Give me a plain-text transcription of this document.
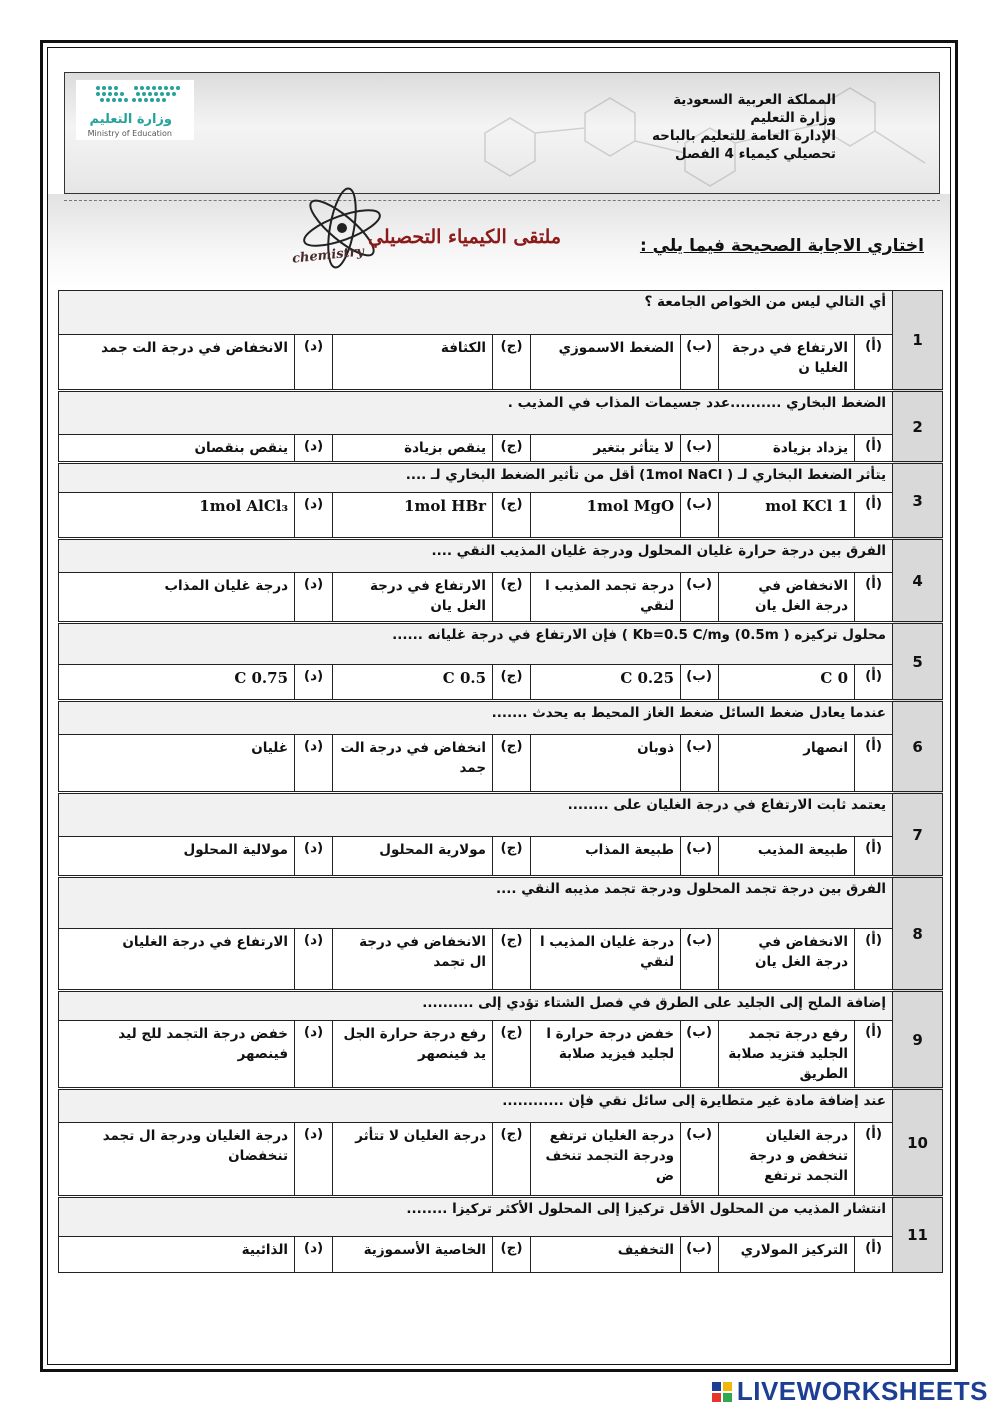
وزارة التعليم
Ministry of Education
المملكة العربية السعودية
وزارة التعليم
الإدارة العامة للتعليم بالباحه
تحصيلي كيمياء 4 الفصل
ملتقى الكيمياء التحصيلي
chemistry	اختاري الاجابة الصحيحة فيما يلي :
1	أي التالي ليس من الخواص الجامعة ؟							
	(أ)	الارتفاع في درجة الغليا ن	(ب)	الضغط الاسموزي	(ج)	الكثافة	(د)	الانخفاض في درجة الت جمد
2	الضغط البخاري ..........عدد جسيمات المذاب في المذيب .							
	(أ)	يزداد بزيادة	(ب)	لا يتأثر بتغير	(ج)	ينقص بزيادة	(د)	ينقص بنقصان
3	يتأثر الضغط البخاري لـ ( 1mol NaCl) أقل من تأثير الضغط البخاري لـ ....							
	(أ)	1 mol KCl	(ب)	1mol MgO	(ج)	1mol HBr	(د)	1mol AlCl₃
4	الفرق بين درجة حرارة غليان المحلول ودرجة غليان المذيب النقي ....							
	(أ)	الانخفاض في درجة الغل يان	(ب)	درجة تجمد المذيب ا لنقي	(ج)	الارتفاع في درجة الغل يان	(د)	درجة غليان المذاب
5	محلول تركيزه ( 0.5m) وKb=0.5 C/m ) فإن الارتفاع في درجة غليانه ......							
	(أ)	0 C	(ب)	0.25 C	(ج)	0.5 C	(د)	0.75 C
6	عندما يعادل ضغط السائل ضغط الغاز المحيط به يحدث .......							
	(أ)	انصهار	(ب)	ذوبان	(ج)	انخفاض في درجة الت جمد	(د)	غليان
7	يعتمد ثابت الارتفاع في درجة الغليان على ........							
	(أ)	طبيعة المذيب	(ب)	طبيعة المذاب	(ج)	مولارية المحلول	(د)	مولالية المحلول
8	الفرق بين درجة تجمد المحلول ودرجة تجمد مذيبه النقي ....							
	(أ)	الانخفاض في درجة الغل يان	(ب)	درجة غليان المذيب ا لنقي	(ج)	الانخفاض في درجة ال تجمد	(د)	الارتفاع في درجة الغليان
9	إضافة الملح إلى الجليد على الطرق في فصل الشتاء تؤدي إلى ..........							
	(أ)	رفع درجة تجمد الجليد فتزيد صلابة الطريق	(ب)	خفض درجة حرارة ا لجليد فيزيد صلابة	(ج)	رفع درجة حرارة الجل يد فينصهر	(د)	خفض درجة التجمد للج ليد فينصهر
10	عند إضافة مادة غير متطايرة إلى سائل نقي فإن ............							
	(أ)	درجة الغليان تنخفض و درجة التجمد ترتفع	(ب)	درجة الغليان ترتفع ودرجة التجمد تنخف ض	(ج)	درجة الغليان لا تتأثر	(د)	درجة الغليان ودرجة ال تجمد تنخفضان
11	انتشار المذيب من المحلول الأقل تركيزا إلى المحلول الأكثر تركيزا ........							
	(أ)	التركيز المولاري	(ب)	التخفيف	(ج)	الخاصية الأسموزية	(د)	الذائبية
LIVEWORKSHEETS
